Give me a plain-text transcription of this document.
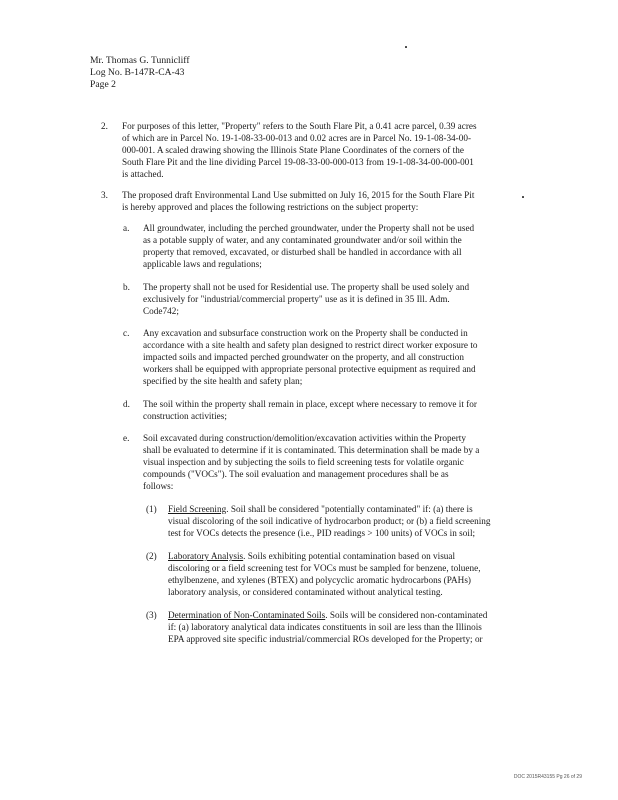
Mr. Thomas G. Tunnicliff
Log No. B-147R-CA-43
Page 2
2. For purposes of this letter, "Property" refers to the South Flare Pit, a 0.41 acre parcel, 0.39 acres
of which are in Parcel No. 19-1-08-33-00-013 and 0.02 acres are in Parcel No. 19-1-08-34-00-
000-001. A scaled drawing showing the Illinois State Plane Coordinates of the corners of the
South Flare Pit and the line dividing Parcel 19-08-33-00-000-013 from 19-1-08-34-00-000-001
is attached.
3. The proposed draft Environmental Land Use submitted on July 16, 2015 for the South Flare Pit
is hereby approved and places the following restrictions on the subject property:
a. All groundwater, including the perched groundwater, under the Property shall not be used
as a potable supply of water, and any contaminated groundwater and/or soil within the
property that removed, excavated, or disturbed shall be handled in accordance with all
applicable laws and regulations;
b. The property shall not be used for Residential use. The property shall be used solely and
exclusively for "industrial/commercial property" use as it is defined in 35 Ill. Adm.
Code742;
c. Any excavation and subsurface construction work on the Property shall be conducted in
accordance with a site health and safety plan designed to restrict direct worker exposure to
impacted soils and impacted perched groundwater on the property, and all construction
workers shall be equipped with appropriate personal protective equipment as required and
specified by the site health and safety plan;
d. The soil within the property shall remain in place, except where necessary to remove it for
construction activities;
e. Soil excavated during construction/demolition/excavation activities within the Property
shall be evaluated to determine if it is contaminated. This determination shall be made by a
visual inspection and by subjecting the soils to field screening tests for volatile organic
compounds ("VOCs"). The soil evaluation and management procedures shall be as
follows:
(1) Field Screening. Soil shall be considered "potentially contaminated" if: (a) there is
visual discoloring of the soil indicative of hydrocarbon product; or (b) a field screening
test for VOCs detects the presence (i.e., PID readings > 100 units) of VOCs in soil;
(2) Laboratory Analysis. Soils exhibiting potential contamination based on visual
discoloring or a field screening test for VOCs must be sampled for benzene, toluene,
ethylbenzene, and xylenes (BTEX) and polycyclic aromatic hydrocarbons (PAHs)
laboratory analysis, or considered contaminated without analytical testing.
(3) Determination of Non-Contaminated Soils. Soils will be considered non-contaminated
if: (a) laboratory analytical data indicates constituents in soil are less than the Illinois
EPA approved site specific industrial/commercial ROs developed for the Property; or
DOC 2015R43155 Pg 26 of 29
